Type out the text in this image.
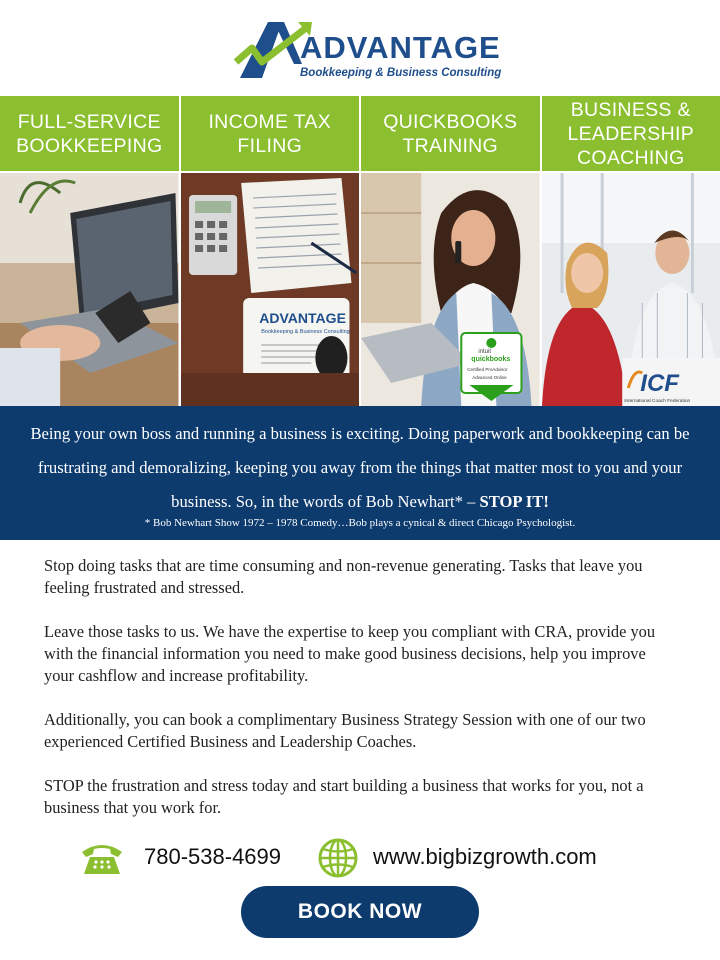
ADVANTAGE
Bookkeeping & Business Consulting
FULL-SERVICE
BOOKKEEPING
INCOME TAX
FILING
ADVANTAGE
Bookkeeping & Business Consulting
QUICKBOOKS
TRAINING
intuit
quickbooks
Certified ProAdvisor
Advanced Online
BUSINESS &
LEADERSHIP
COACHING
ICF
International Coach Federation
Being your own boss and running a business is exciting. Doing paperwork and bookkeeping can be frustrating and demoralizing, keeping you away from the things that matter most to you and your business. So, in the words of Bob Newhart* – STOP IT!
* Bob Newhart Show 1972 – 1978 Comedy…Bob plays a cynical & direct Chicago Psychologist.

Stop doing tasks that are time consuming and non-revenue generating. Tasks that leave you feeling frustrated and stressed.

Leave those tasks to us. We have the expertise to keep you compliant with CRA, provide you with the financial information you need to make good business decisions, help you improve your cashflow and increase profitability.

Additionally, you can book a complimentary Business Strategy Session with one of our two experienced Certified Business and Leadership Coaches.

STOP the frustration and stress today and start building a business that works for you, not a business that you work for.

780-538-4699	www.bigbizgrowth.com
BOOK NOW
